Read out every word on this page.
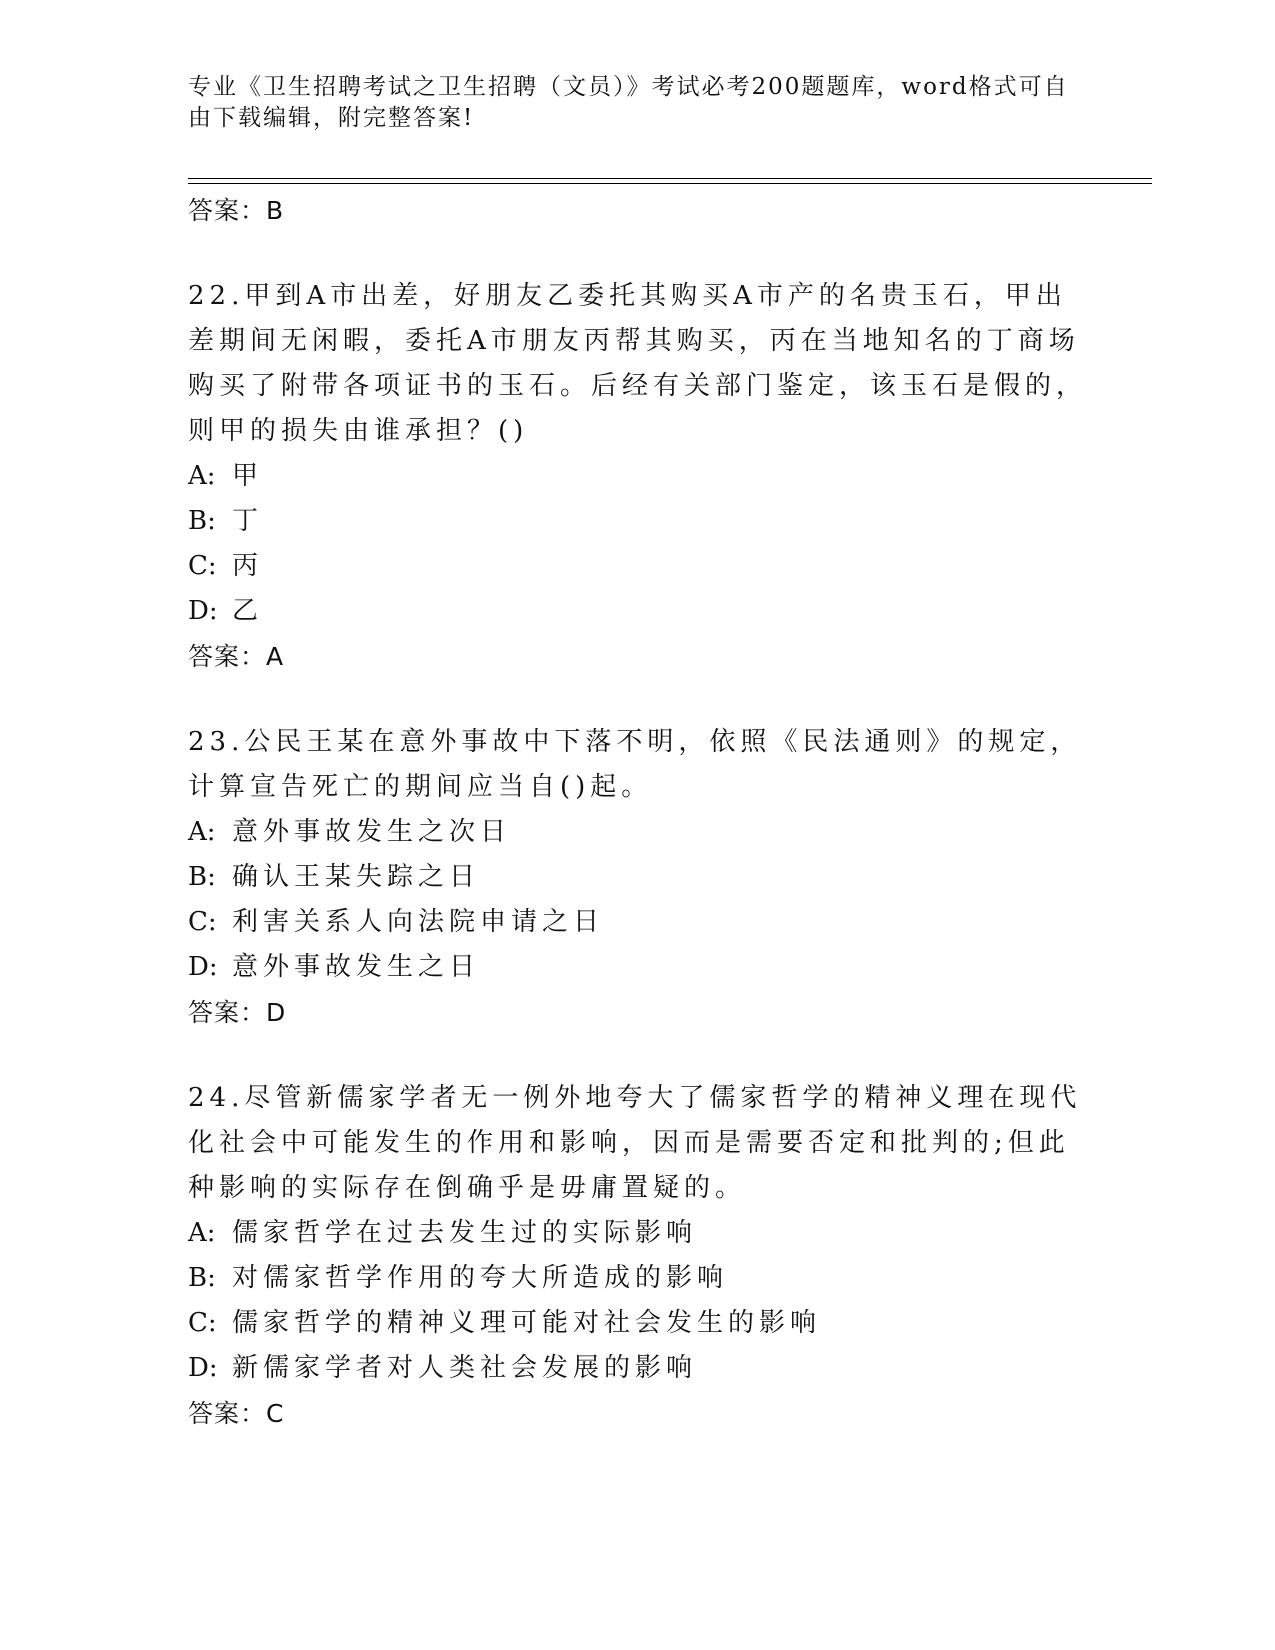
专业《卫生招聘考试之卫生招聘（文员）》考试必考200题题库，word格式可自由下载编辑，附完整答案!
答案：B
22.甲到A市出差，好朋友乙委托其购买A市产的名贵玉石，甲出差期间无闲暇，委托A市朋友丙帮其购买，丙在当地知名的丁商场购买了附带各项证书的玉石。后经有关部门鉴定，该玉石是假的，则甲的损失由谁承担？()
A: 甲
B: 丁
C: 丙
D: 乙
答案：A
23.公民王某在意外事故中下落不明，依照《民法通则》的规定，计算宣告死亡的期间应当自()起。
A: 意外事故发生之次日
B: 确认王某失踪之日
C: 利害关系人向法院申请之日
D: 意外事故发生之日
答案：D
24.尽管新儒家学者无一例外地夸大了儒家哲学的精神义理在现代化社会中可能发生的作用和影响，因而是需要否定和批判的;但此种影响的实际存在倒确乎是毋庸置疑的。
A: 儒家哲学在过去发生过的实际影响
B: 对儒家哲学作用的夸大所造成的影响
C: 儒家哲学的精神义理可能对社会发生的影响
D: 新儒家学者对人类社会发展的影响
答案：C
